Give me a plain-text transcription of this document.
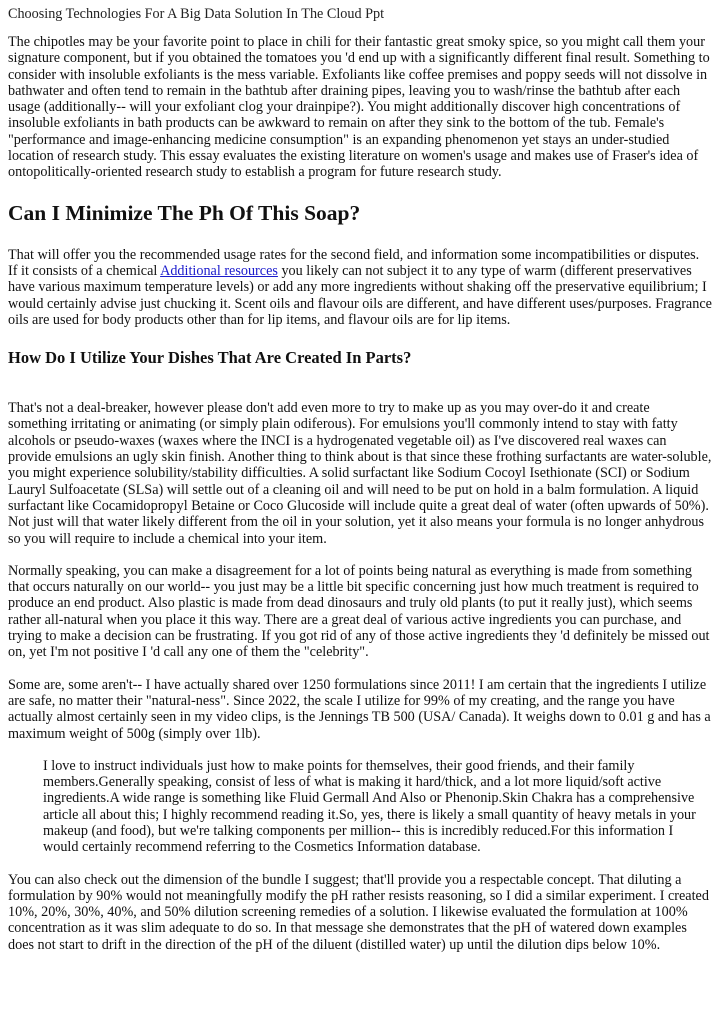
Choosing Technologies For A Big Data Solution In The Cloud Ppt

The chipotles may be your favorite point to place in chili for their fantastic great smoky spice, so you might call them your signature component, but if you obtained the tomatoes you 'd end up with a significantly different final result. Something to consider with insoluble exfoliants is the mess variable. Exfoliants like coffee premises and poppy seeds will not dissolve in bathwater and often tend to remain in the bathtub after draining pipes, leaving you to wash/rinse the bathtub after each usage (additionally-- will your exfoliant clog your drainpipe?). You might additionally discover high concentrations of insoluble exfoliants in bath products can be awkward to remain on after they sink to the bottom of the tub. Female's "performance and image-enhancing medicine consumption" is an expanding phenomenon yet stays an under-studied location of research study. This essay evaluates the existing literature on women's usage and makes use of Fraser's idea of ontopolitically-oriented research study to establish a program for future research study.

Can I Minimize The Ph Of This Soap?

That will offer you the recommended usage rates for the second field, and information some incompatibilities or disputes. If it consists of a chemical Additional resources you likely can not subject it to any type of warm (different preservatives have various maximum temperature levels) or add any more ingredients without shaking off the preservative equilibrium; I would certainly advise just chucking it. Scent oils and flavour oils are different, and have different uses/purposes. Fragrance oils are used for body products other than for lip items, and flavour oils are for lip items.

How Do I Utilize Your Dishes That Are Created In Parts?

That's not a deal-breaker, however please don't add even more to try to make up as you may over-do it and create something irritating or animating (or simply plain odiferous). For emulsions you'll commonly intend to stay with fatty alcohols or pseudo-waxes (waxes where the INCI is a hydrogenated vegetable oil) as I've discovered real waxes can provide emulsions an ugly skin finish. Another thing to think about is that since these frothing surfactants are water-soluble, you might experience solubility/stability difficulties. A solid surfactant like Sodium Cocoyl Isethionate (SCI) or Sodium Lauryl Sulfoacetate (SLSa) will settle out of a cleaning oil and will need to be put on hold in a balm formulation. A liquid surfactant like Cocamidopropyl Betaine or Coco Glucoside will include quite a great deal of water (often upwards of 50%). Not just will that water likely different from the oil in your solution, yet it also means your formula is no longer anhydrous so you will require to include a chemical into your item.

Normally speaking, you can make a disagreement for a lot of points being natural as everything is made from something that occurs naturally on our world-- you just may be a little bit specific concerning just how much treatment is required to produce an end product. Also plastic is made from dead dinosaurs and truly old plants (to put it really just), which seems rather all-natural when you place it this way. There are a great deal of various active ingredients you can purchase, and trying to make a decision can be frustrating. If you got rid of any of those active ingredients they 'd definitely be missed out on, yet I'm not positive I 'd call any one of them the "celebrity".

Some are, some aren't-- I have actually shared over 1250 formulations since 2011! I am certain that the ingredients I utilize are safe, no matter their "natural-ness". Since 2022, the scale I utilize for 99% of my creating, and the range you have actually almost certainly seen in my video clips, is the Jennings TB 500 (USA/ Canada). It weighs down to 0.01 g and has a maximum weight of 500g (simply over 1lb).

I love to instruct individuals just how to make points for themselves, their good friends, and their family members.Generally speaking, consist of less of what is making it hard/thick, and a lot more liquid/soft active ingredients.A wide range is something like Fluid Germall And Also or Phenonip.Skin Chakra has a comprehensive article all about this; I highly recommend reading it.So, yes, there is likely a small quantity of heavy metals in your makeup (and food), but we're talking components per million-- this is incredibly reduced.For this information I would certainly recommend referring to the Cosmetics Information database.

You can also check out the dimension of the bundle I suggest; that'll provide you a respectable concept. That diluting a formulation by 90% would not meaningfully modify the pH rather resists reasoning, so I did a similar experiment. I created 10%, 20%, 30%, 40%, and 50% dilution screening remedies of a solution. I likewise evaluated the formulation at 100% concentration as it was slim adequate to do so. In that message she demonstrates that the pH of watered down examples does not start to drift in the direction of the pH of the diluent (distilled water) up until the dilution dips below 10%.
